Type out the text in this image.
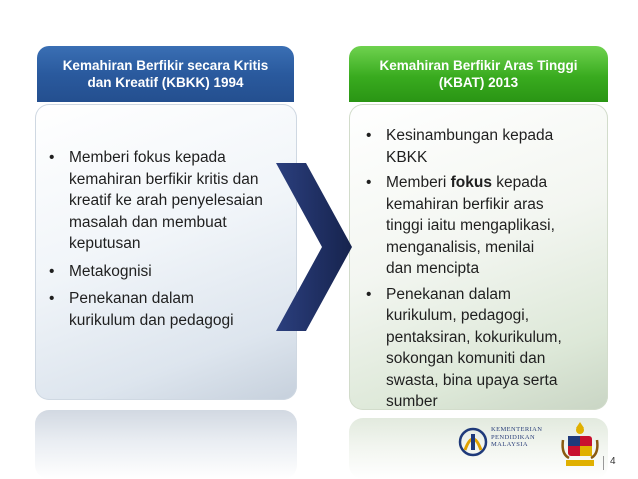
Kemahiran Berfikir secara Kritis
dan Kreatif (KBKK) 1994
Kemahiran Berfikir Aras Tinggi
(KBAT) 2013
• Memberi fokus kepada
kemahiran berfikir kritis dan
kreatif ke arah penyelesaian
masalah dan membuat
keputusan
• Metakognisi
• Penekanan dalam
kurikulum dan pedagogi
• Kesinambungan kepada
KBKK
• Memberi fokus kepada
kemahiran berfikir aras
tinggi iaitu mengaplikasi,
menganalisis, menilai
dan mencipta
• Penekanan dalam
kurikulum, pedagogi,
pentaksiran, kokurikulum,
sokongan komuniti dan
swasta, bina upaya serta
sumber
KEMENTERIAN
PENDIDIKAN
MALAYSIA
4
